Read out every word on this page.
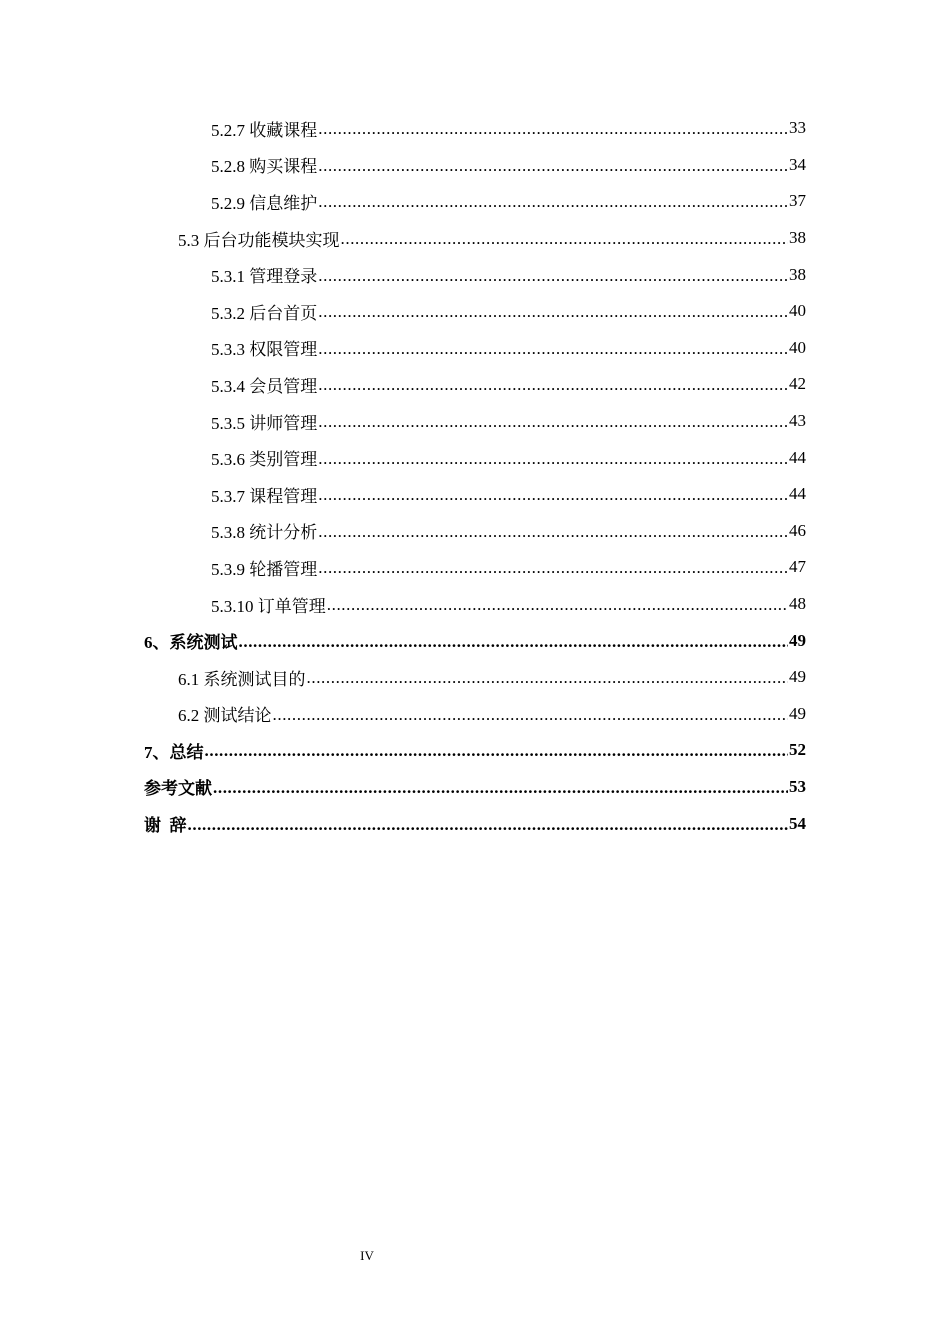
5.2.7 收藏课程 .....	33
5.2.8 购买课程 .....	34
5.2.9 信息维护 .....	37
5.3 后台功能模块实现 .....	38
5.3.1 管理登录 .....	38
5.3.2 后台首页 .....	40
5.3.3 权限管理 .....	40
5.3.4 会员管理 .....	42
5.3.5 讲师管理 .....	43
5.3.6 类别管理 .....	44
5.3.7 课程管理 .....	44
5.3.8 统计分析 .....	46
5.3.9 轮播管理 .....	47
5.3.10 订单管理 .....	48
6、 系统测试 .....	49
6.1 系统测试目的 .....	49
6.2 测试结论 .....	49
7、 总结 .....	52
参考文献 .....	53
谢  辞 .....	54
IV
